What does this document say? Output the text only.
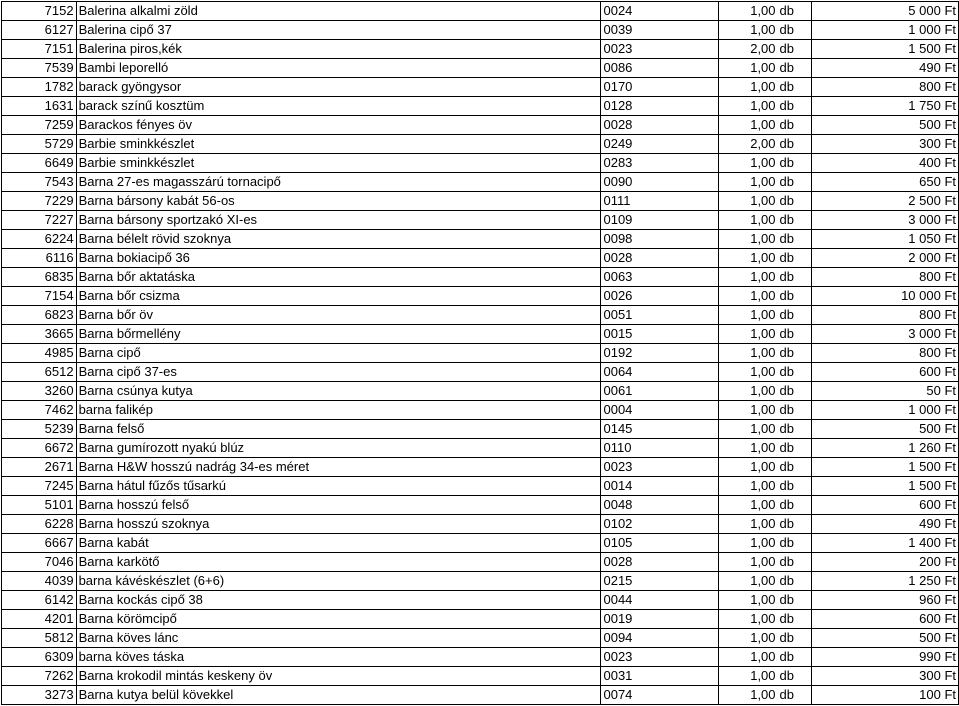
7152	Balerina alkalmi zöld	0024	1,00	db	5 000 Ft
6127	Balerina cipő 37	0039	1,00	db	1 000 Ft
7151	Balerina piros,kék	0023	2,00	db	1 500 Ft
7539	Bambi leporelló	0086	1,00	db	490 Ft
1782	barack gyöngysor	0170	1,00	db	800 Ft
1631	barack színű kosztüm	0128	1,00	db	1 750 Ft
7259	Barackos fényes öv	0028	1,00	db	500 Ft
5729	Barbie sminkkészlet	0249	2,00	db	300 Ft
6649	Barbie sminkkészlet	0283	1,00	db	400 Ft
7543	Barna 27-es magasszárú tornacipő	0090	1,00	db	650 Ft
7229	Barna bársony kabát 56-os	0111	1,00	db	2 500 Ft
7227	Barna bársony sportzakó XI-es	0109	1,00	db	3 000 Ft
6224	Barna bélelt rövid szoknya	0098	1,00	db	1 050 Ft
6116	Barna bokiacipő 36	0028	1,00	db	2 000 Ft
6835	Barna bőr aktatáska	0063	1,00	db	800 Ft
7154	Barna bőr csizma	0026	1,00	db	10 000 Ft
6823	Barna bőr öv	0051	1,00	db	800 Ft
3665	Barna bőrmellény	0015	1,00	db	3 000 Ft
4985	Barna cipő	0192	1,00	db	800 Ft
6512	Barna cipő 37-es	0064	1,00	db	600 Ft
3260	Barna csúnya kutya	0061	1,00	db	50 Ft
7462	barna falikép	0004	1,00	db	1 000 Ft
5239	Barna felső	0145	1,00	db	500 Ft
6672	Barna gumírozott nyakú blúz	0110	1,00	db	1 260 Ft
2671	Barna H&W hosszú nadrág 34-es méret	0023	1,00	db	1 500 Ft
7245	Barna hátul fűzős tűsarkú	0014	1,00	db	1 500 Ft
5101	Barna hosszú felső	0048	1,00	db	600 Ft
6228	Barna hosszú szoknya	0102	1,00	db	490 Ft
6667	Barna kabát	0105	1,00	db	1 400 Ft
7046	Barna karkötő	0028	1,00	db	200 Ft
4039	barna kávéskészlet (6+6)	0215	1,00	db	1 250 Ft
6142	Barna kockás cipő 38	0044	1,00	db	960 Ft
4201	Barna körömcipő	0019	1,00	db	600 Ft
5812	Barna köves lánc	0094	1,00	db	500 Ft
6309	barna köves táska	0023	1,00	db	990 Ft
7262	Barna krokodil mintás keskeny öv	0031	1,00	db	300 Ft
3273	Barna kutya belül kövekkel	0074	1,00	db	100 Ft
